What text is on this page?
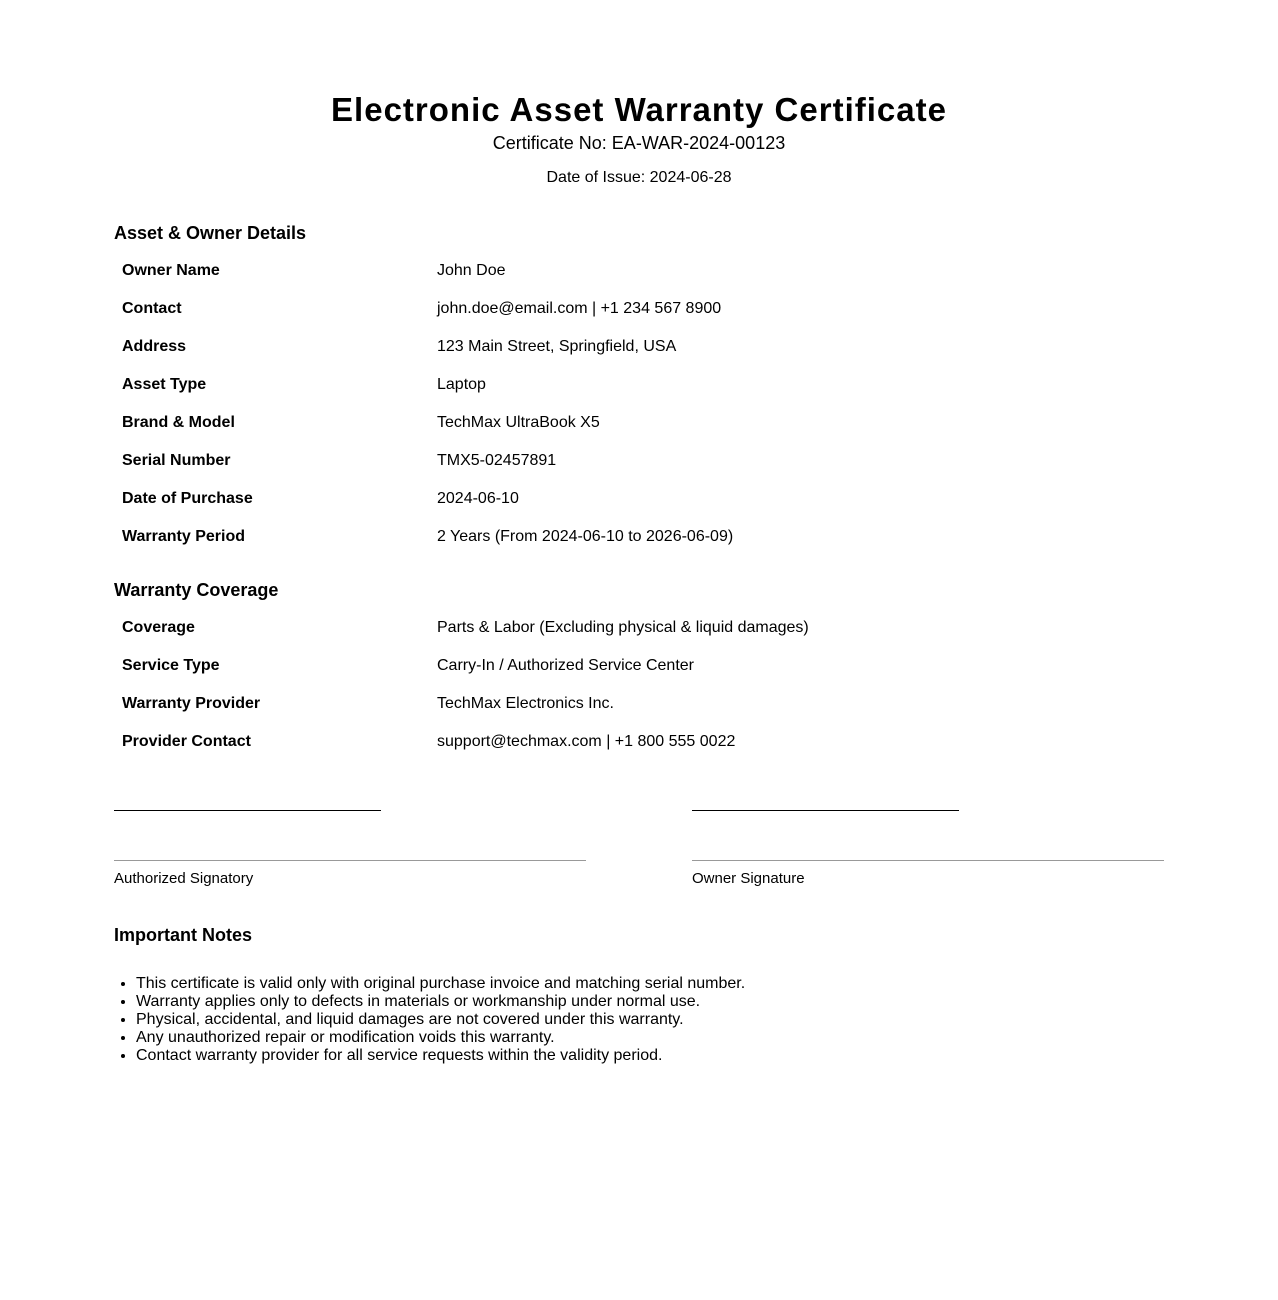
Electronic Asset Warranty Certificate
Certificate No: EA-WAR-2024-00123
Date of Issue: 2024-06-28
Asset & Owner Details
Owner Name	John Doe
Contact	john.doe@email.com | +1 234 567 8900
Address	123 Main Street, Springfield, USA
Asset Type	Laptop
Brand & Model	TechMax UltraBook X5
Serial Number	TMX5-02457891
Date of Purchase	2024-06-10
Warranty Period	2 Years (From 2024-06-10 to 2026-06-09)
Warranty Coverage
Coverage	Parts & Labor (Excluding physical & liquid damages)
Service Type	Carry-In / Authorized Service Center
Warranty Provider	TechMax Electronics Inc.
Provider Contact	support@techmax.com | +1 800 555 0022
Authorized Signatory	Owner Signature
Important Notes
• This certificate is valid only with original purchase invoice and matching serial number.
• Warranty applies only to defects in materials or workmanship under normal use.
• Physical, accidental, and liquid damages are not covered under this warranty.
• Any unauthorized repair or modification voids this warranty.
• Contact warranty provider for all service requests within the validity period.
